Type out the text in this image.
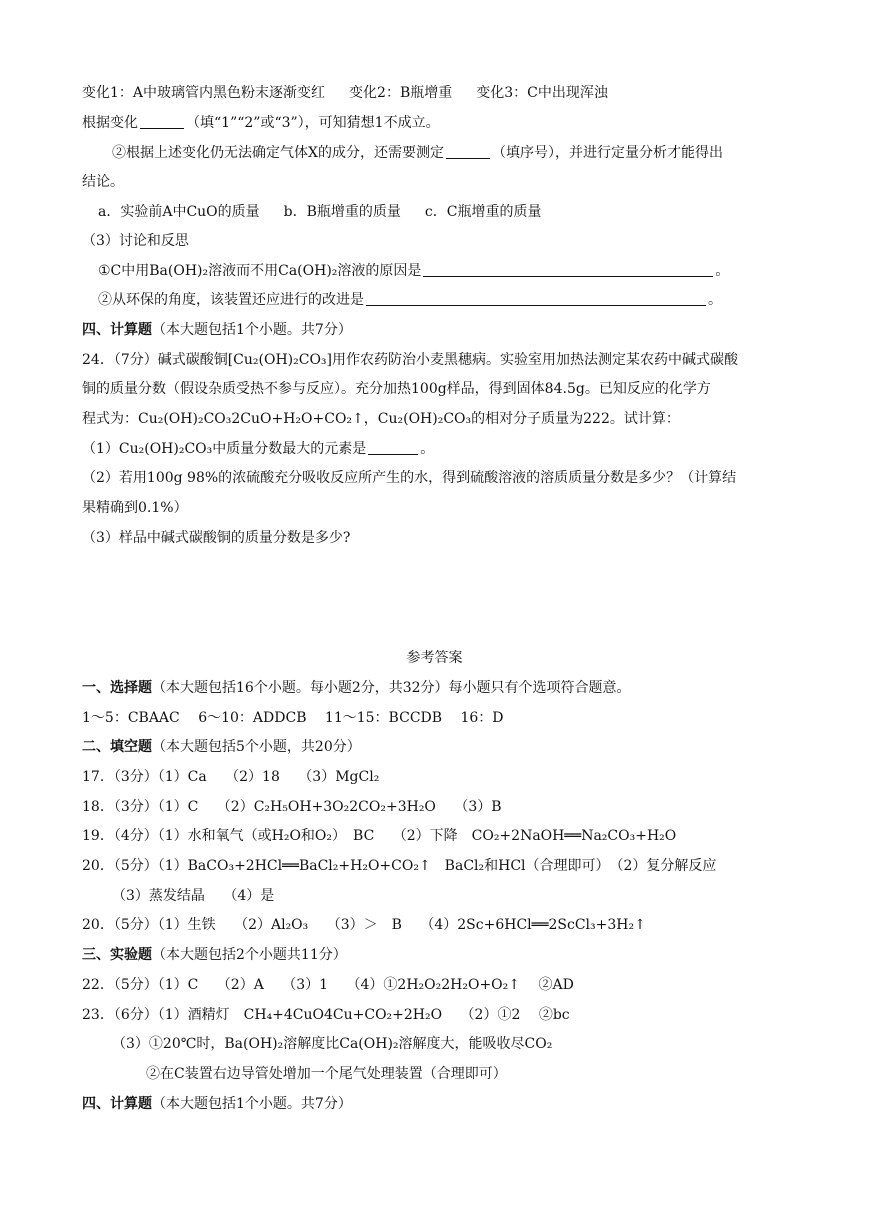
变化1：A中玻璃管内黑色粉末逐渐变红 变化2：B瓶增重 变化3：C中出现浑浊
根据变化	（填“1”“2”或“3”），可知猜想1不成立。
②根据上述变化仍无法确定气体X的成分，还需要测定	（填序号），并进行定量分析才能得出
结论。
a．实验前A中CuO的质量 b．B瓶增重的质量 c．C瓶增重的质量
（3）讨论和反思
①C中用Ba(OH)₂溶液而不用Ca(OH)₂溶液的原因是	。
②从环保的角度，该装置还应进行的改进是	。
四、计算题（本大题包括1个小题。共7分）
24．（7分）碱式碳酸铜[Cu₂(OH)₂CO₃]用作农药防治小麦黑穗病。实验室用加热法测定某农药中碱式碳酸
铜的质量分数（假设杂质受热不参与反应）。充分加热100g样品，得到固体84.5g。已知反应的化学方
程式为：Cu₂(OH)₂CO₃2CuO+H₂O+CO₂↑，Cu₂(OH)₂CO₃的相对分子质量为222。试计算：
（1）Cu₂(OH)₂CO₃中质量分数最大的元素是	。
（2）若用100g 98%的浓硫酸充分吸收反应所产生的水，得到硫酸溶液的溶质质量分数是多少？（计算结
果精确到0.1%）
（3）样品中碱式碳酸铜的质量分数是多少?
参考答案
一、选择题（本大题包括16个小题。每小题2分，共32分）每小题只有个选项符合题意。
1～5：CBAAC　 6～10：ADDCB　 11～15：BCCDB　 16：D
二、填空题（本大题包括5个小题，共20分）
17．（3分）（1）Ca　 （2）18　 （3）MgCl₂
18．（3分）（1）C　 （2）C₂H₅OH+3O₂2CO₂+3H₂O　 （3）B
19．（4分）（1）水和氧气（或H₂O和O₂）　BC　 （2）下降　CO₂+2NaOH══Na₂CO₃+H₂O
20．（5分）（1）BaCO₃+2HCl══BaCl₂+H₂O+CO₂↑　BaCl₂和HCl（合理即可）　（2）复分解反应
（3）蒸发结晶　 （4）是
20．（5分）（1）生铁　 （2）Al₂O₃　 （3）＞　B　 （4）2Sc+6HCl══2ScCl₃+3H₂↑
三、实验题（本大题包括2个小题共11分）
22．（5分）（1）C　 （2）A　 （3）1　 （4）①2H₂O₂2H₂O+O₂↑　 ②AD
23．（6分）（1）酒精灯　CH₄+4CuO4Cu+CO₂+2H₂O　 （2）①2　 ②bc
（3）①20℃时，Ba(OH)₂溶解度比Ca(OH)₂溶解度大，能吸收尽CO₂
②在C装置右边导管处增加一个尾气处理装置（合理即可）
四、计算题（本大题包括1个小题。共7分）
